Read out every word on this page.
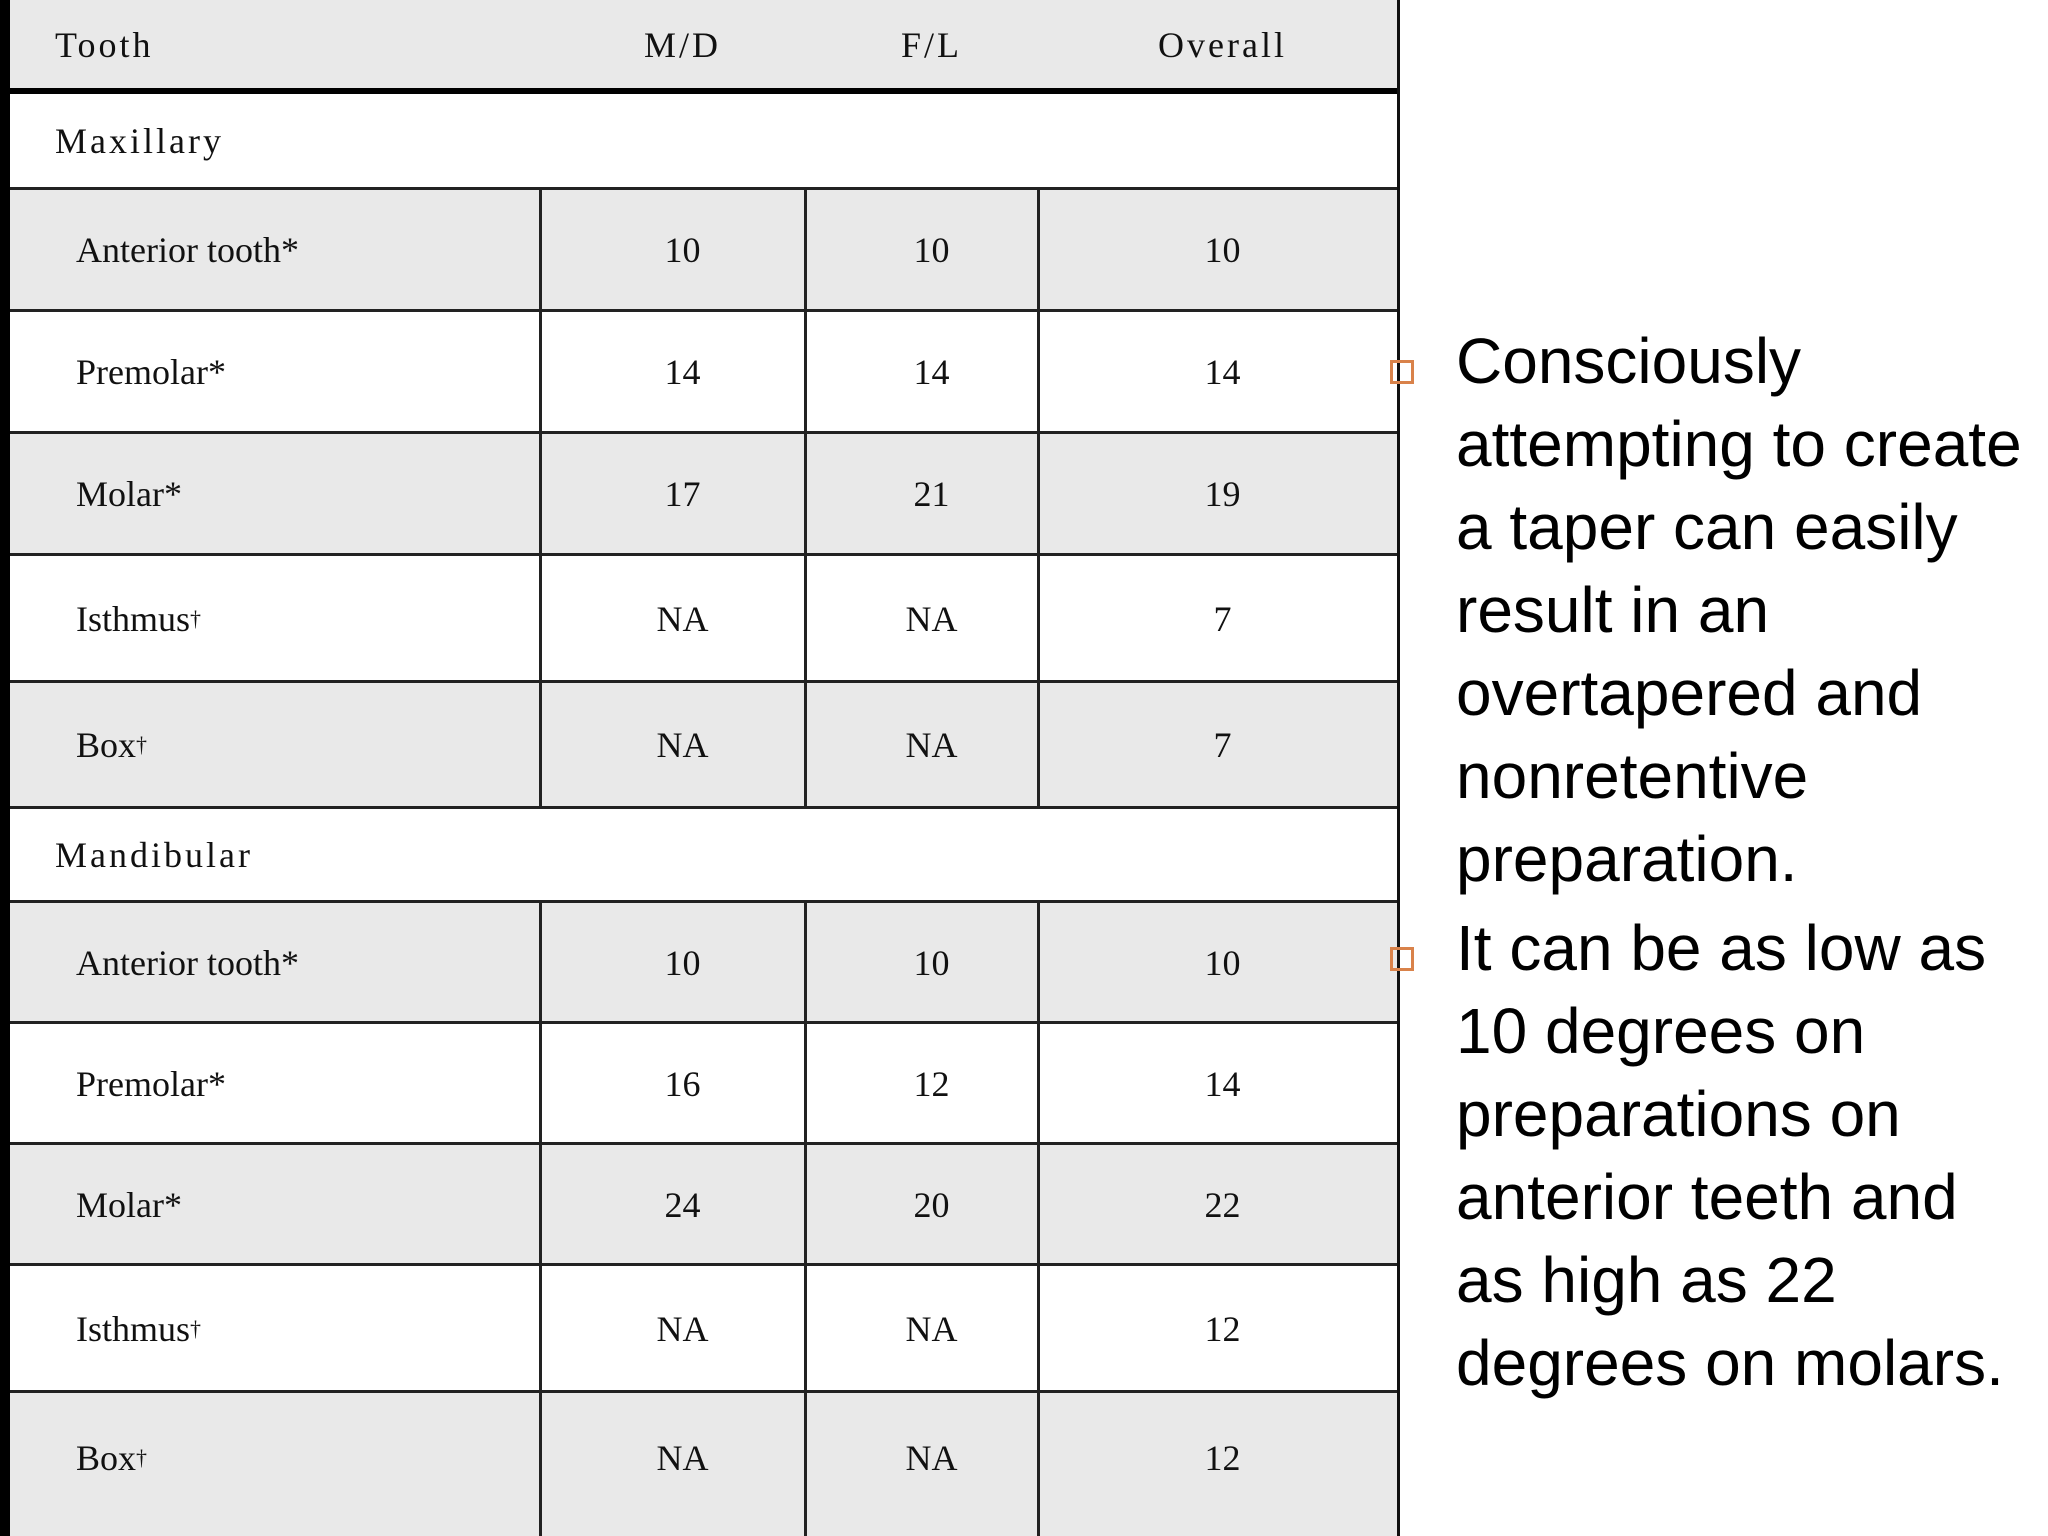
Tooth	M/D	F/L	Overall
Maxillary
Anterior tooth*	10	10	10
Premolar*	14	14	14
Molar*	17	21	19
Isthmus †	NA	NA	7
Box †	NA	NA	7
Mandibular
Anterior tooth*	10	10	10
Premolar*	16	12	14
Molar*	24	20	22
Isthmus †	NA	NA	12
Box †	NA	NA	12
Consciously attempting to create a taper can easily result in an overtapered and nonretentive preparation.
It can be as low as 10 degrees on preparations on anterior teeth and as high as 22 degrees on molars.
